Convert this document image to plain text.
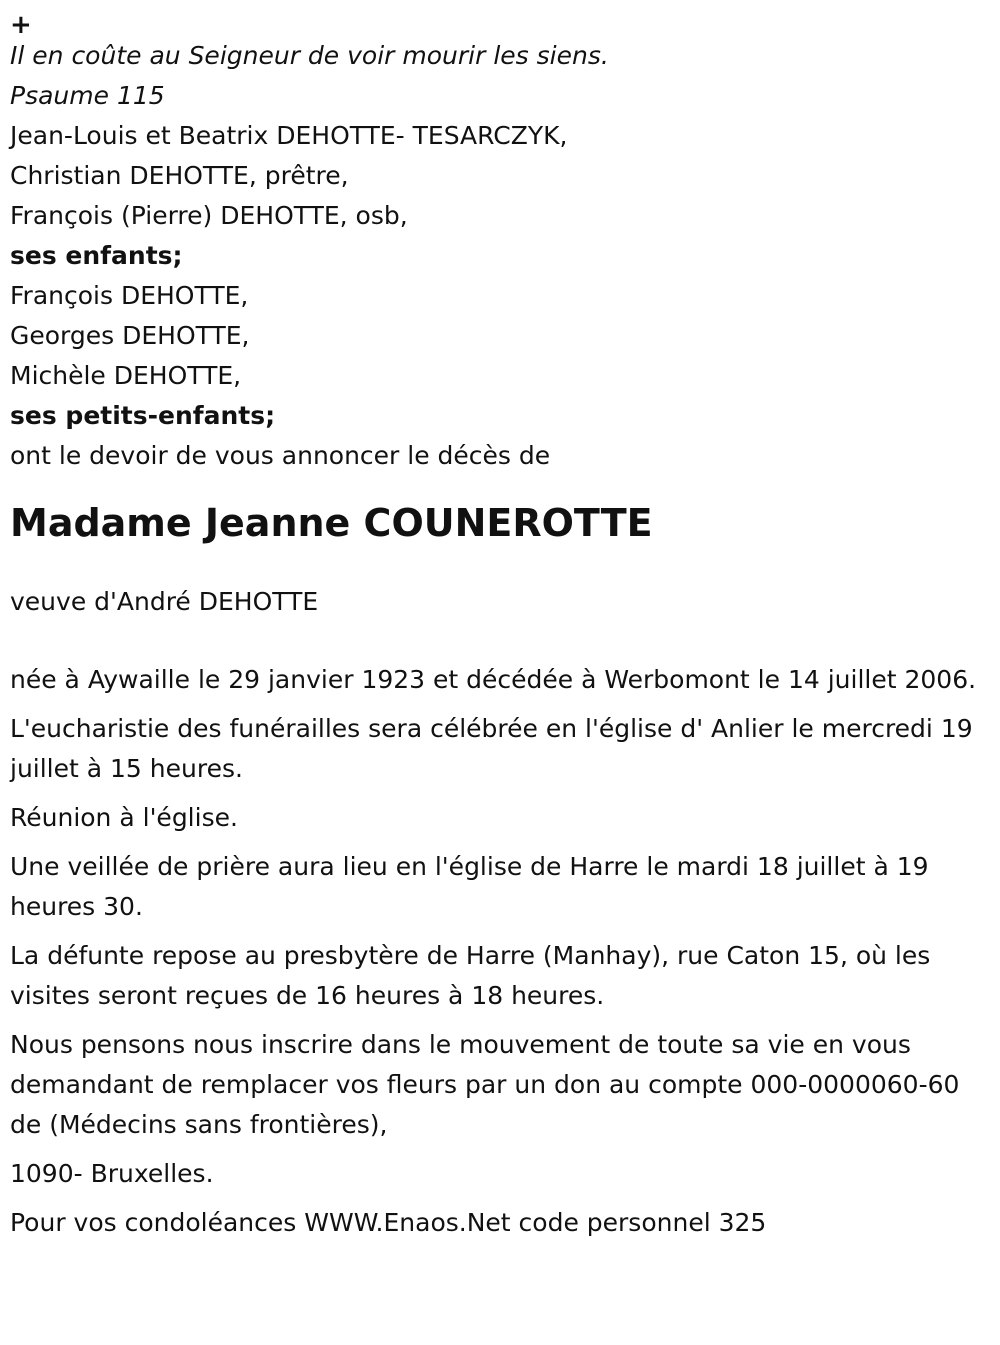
+

Il en coûte au Seigneur de voir mourir les siens.

Psaume 115

Jean-Louis et Beatrix DEHOTTE- TESARCZYK,

Christian DEHOTTE, prêtre,

François (Pierre) DEHOTTE, osb,

ses enfants;

François DEHOTTE,

Georges DEHOTTE,

Michèle DEHOTTE,

ses petits-enfants;

ont le devoir de vous annoncer le décès de

Madame Jeanne COUNEROTTE

veuve d'André DEHOTTE

née à Aywaille le 29 janvier 1923 et décédée à Werbomont le 14 juillet 2006.

L'eucharistie des funérailles sera célébrée en l'église d' Anlier le mercredi 19 juillet à 15 heures.

Réunion à l'église.

Une veillée de prière aura lieu en l'église de Harre le mardi 18 juillet à 19 heures 30.

La défunte repose au presbytère de Harre (Manhay), rue Caton 15, où les visites seront reçues de 16 heures à 18 heures.

Nous pensons nous inscrire dans le mouvement de toute sa vie en vous demandant de remplacer vos fleurs par un don au compte 000-0000060-60 de (Médecins sans frontières),

1090- Bruxelles.

Pour vos condoléances WWW.Enaos.Net code personnel 325
